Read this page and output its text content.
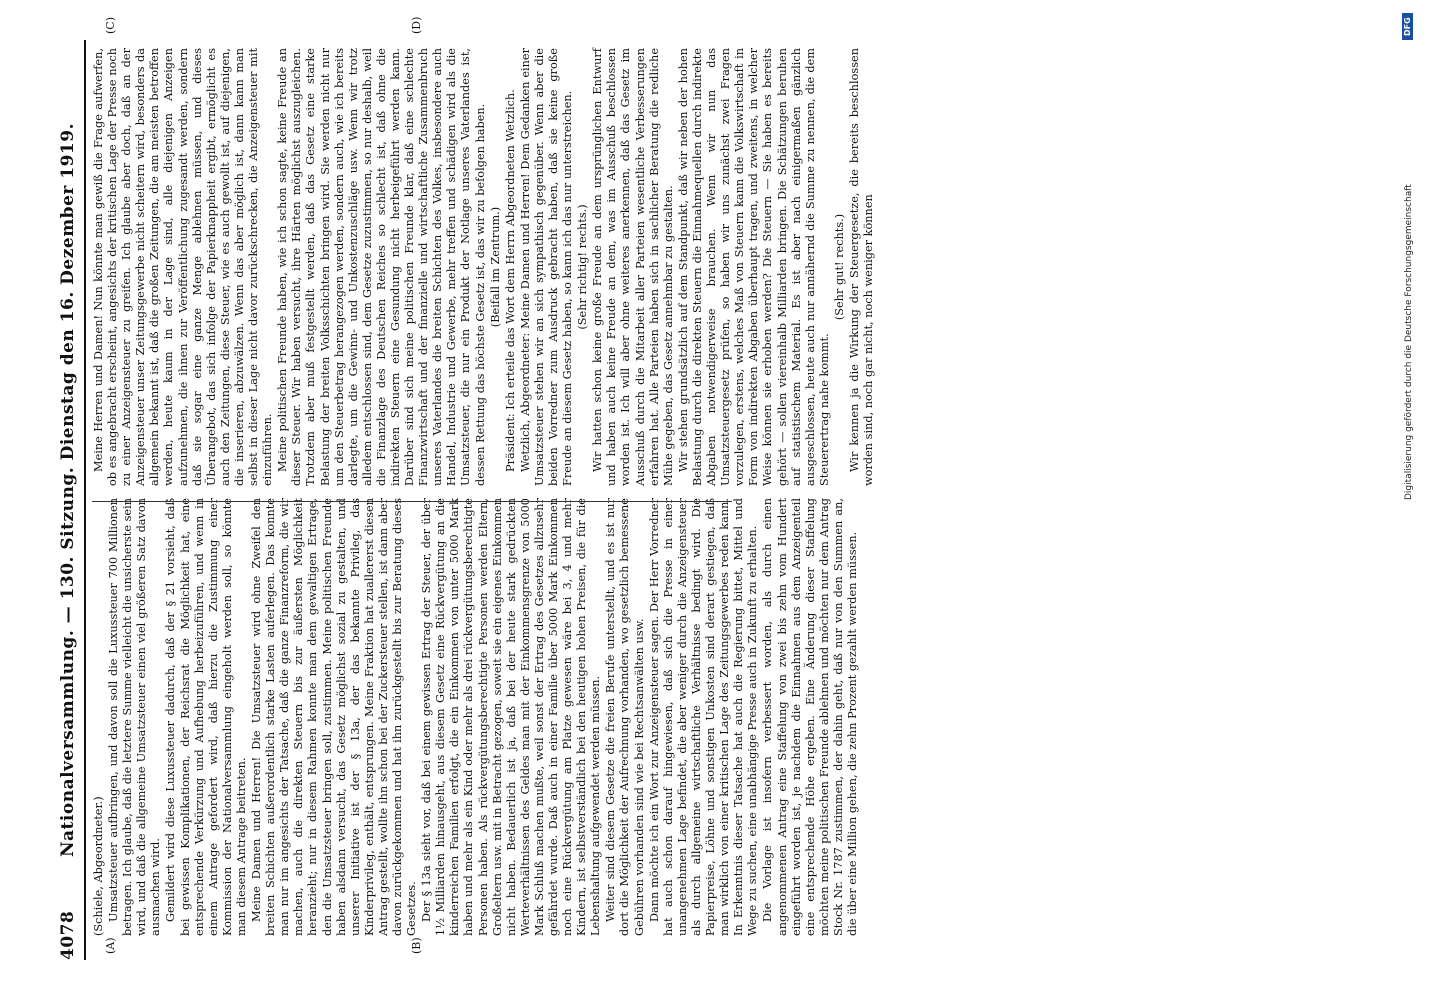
4078
Nationalversammlung. — 130. Sitzung. Dienstag den 16. Dezember 1919.
(A)	(B)
(C)	(D)

(Schiele, Abgeordneter.) Umsatzsteuer aufbringen, und davon soll die Luxussteuer 700 Millionen betragen. Ich glaube, daß die letztere Summe vielleicht die unsicherste sein wird, und daß die allgemeine Umsatzsteuer einen viel größeren Satz davon ausmachen wird. Gemildert wird diese Luxussteuer dadurch, daß der § 21 vorsieht, daß bei gewissen Komplikationen, der Reichsrat die Möglichkeit hat, eine entsprechende Verkürzung und Aufhebung herbeizuführen, und wenn in einem Antrage gefordert wird, daß hierzu die Zustimmung einer Kommission der Nationalversammlung eingeholt werden soll, so könnte man diesem Antrage beitreten. Meine Damen und Herren! Die Umsatzsteuer wird ohne Zweifel den breiten Schichten außerordentlich starke Lasten auferlegen. Das konnte man nur im angesichts der Tatsache, daß die ganze Finanzreform, die wir machen, auch die direkten Steuern bis zur äußersten Möglichkeit heranzieht; nur in diesem Rahmen konnte man dem gewaltigen Ertrage, den die Umsatzsteuer bringen soll, zustimmen. Meine politischen Freunde haben alsdann versucht, das Gesetz möglichst sozial zu gestalten, und unserer Initiative ist der § 13a, der das bekannte Privileg, das Kinderprivileg, enthält, entsprungen. Meine Fraktion hat zuallererst diesen Antrag gestellt, wollte ihn schon bei der Zuckersteuer stellen, ist dann aber davon zurückgekommen und hat ihn zurückgestellt bis zur Beratung dieses Gesetzes. Der § 13a sieht vor, daß bei einem gewissen Ertrag der Steuer, der über 1½ Milliarden hinausgeht, aus diesem Gesetz eine Rückvergütung an die kinderreichen Familien erfolgt, die ein Einkommen von unter 5000 Mark haben und mehr als ein Kind oder mehr als drei rückvergütungsberechtigte Personen haben. Als rückvergütungsberechtigte Personen werden Eltern, Großeltern usw. mit in Betracht gezogen, soweit sie ein eigenes Einkommen nicht haben. Bedauerlich ist ja, daß bei der heute stark gedrückten Werteverhältnissen des Geldes man mit der Einkommensgrenze von 5000 Mark Schluß machen mußte, weil sonst der Ertrag des Gesetzes allzusehr gefährdet wurde. Daß auch in einer Familie über 5000 Mark Einkommen noch eine Rückvergütung am Platze gewesen wäre bei 3, 4 und mehr Kindern, ist selbstverständlich bei den heutigen hohen Preisen, die für die Lebenshaltung aufgewendet werden müssen. Weiter sind diesem Gesetze die freien Berufe unterstellt, und es ist nur dort die Möglichkeit der Aufrechnung vorhanden, wo gesetzlich bemessene Gebühren vorhanden sind wie bei Rechtsanwälten usw. Dann möchte ich ein Wort zur Anzeigensteuer sagen. Der Herr Vorredner hat auch schon darauf hingewiesen, daß sich die Presse in einer unangenehmen Lage befindet, die aber weniger durch die Anzeigensteuer als durch allgemeine wirtschaftliche Verhältnisse bedingt wird. Die Papierpreise, Löhne und sonstigen Unkosten sind derart gestiegen, daß man wirklich von einer kritischen Lage des Zeitungsgewerbes reden kann. In Erkenntnis dieser Tatsache hat auch die Regierung bittet, Mittel und Wege zu suchen, eine unabhängige Presse auch in Zukunft zu erhalten. Die Vorlage ist insofern verbessert worden, als durch einen angenommenen Antrag eine Staffelung von zwei bis zehn vom Hundert eingeführt worden ist, je nachdem die Einnahmen aus dem Anzeigenteil eine entsprechende Höhe ergeben. Eine Änderung dieser Staffelung möchten meine politischen Freunde ablehnen und möchten nur dem Antrag Stock Nr. 1787 zustimmen, der dahin geht, daß nur von den Summen an, die über eine Million gehen, die zehn Prozent gezahlt werden müssen.

Meine Herren und Damen! Nun könnte man gewiß die Frage aufwerfen, ob es angebracht erscheint, angesichts der kritischen Lage der Presse noch zu einer Anzeigensteuer zu greifen. Ich glaube aber doch, daß an der Anzeigensteuer unser Zeitungsgewerbe nicht scheitern wird, besonders da allgemein bekannt ist, daß die großen Zeitungen, die am meisten betroffen werden, heute kaum in der Lage sind, alle diejenigen Anzeigen aufzunehmen, die ihnen zur Veröffentlichung zugesandt werden, sondern daß sie sogar eine ganze Menge ablehnen müssen, und dieses Überangebot, das sich infolge der Papierknappheit ergibt, ermöglicht es auch den Zeitungen, diese Steuer, wie es auch gewollt ist, auf diejenigen, die inserieren, abzuwälzen. Wenn das aber möglich ist, dann kann man selbst in dieser Lage nicht davor zurückschrecken, die Anzeigensteuer mit einzuführen. Meine politischen Freunde haben, wie ich schon sagte, keine Freude an dieser Steuer. Wir haben versucht, ihre Härten möglichst auszugleichen. Trotzdem aber muß festgestellt werden, daß das Gesetz eine starke Belastung der breiten Volksschichten bringen wird. Sie werden nicht nur um den Steuerbetrag herangezogen werden, sondern auch, wie ich bereits darlegte, um die Gewinn- und Unkostenzuschläge usw. Wenn wir trotz alledem entschlossen sind, dem Gesetze zuzustimmen, so nur deshalb, weil die Finanzlage des Deutschen Reiches so schlecht ist, daß ohne die indirekten Steuern eine Gesundung nicht herbeigeführt werden kann. Darüber sind sich meine politischen Freunde klar, daß eine schlechte Finanzwirtschaft und der finanzielle und wirtschaftliche Zusammenbruch unseres Vaterlandes die breiten Schichten des Volkes, insbesondere auch Handel, Industrie und Gewerbe, mehr treffen und schädigen wird als die Umsatzsteuer, die nur ein Produkt der Notlage unseres Vaterlandes ist, dessen Rettung das höchste Gesetz ist, das wir zu befolgen haben. (Beifall im Zentrum.) Präsident: Ich erteile das Wort dem Herrn Abgeordneten Wetzlich. Wetzlich, Abgeordneter: Meine Damen und Herren! Dem Gedanken einer Umsatzsteuer stehen wir an sich sympathisch gegenüber. Wenn aber die beiden Vorredner zum Ausdruck gebracht haben, daß sie keine große Freude an diesem Gesetz haben, so kann ich das nur unterstreichen. (Sehr richtig! rechts.) Wir hatten schon keine große Freude an dem ursprünglichen Entwurf und haben auch keine Freude an dem, was im Ausschuß beschlossen worden ist. Ich will aber ohne weiteres anerkennen, daß das Gesetz im Ausschuß durch die Mitarbeit aller Parteien wesentliche Verbesserungen erfahren hat. Alle Parteien haben sich in sachlicher Beratung die redliche Mühe gegeben, das Gesetz annehmbar zu gestalten. Wir stehen grundsätzlich auf dem Standpunkt, daß wir neben der hohen Belastung durch die direkten Steuern die Einnahmequellen durch indirekte Abgaben notwendigerweise brauchen. Wenn wir nun das Umsatzsteuergesetz prüfen, so haben wir uns zunächst zwei Fragen vorzulegen, erstens, welches Maß von Steuern kann die Volkswirtschaft in Form von indirekten Abgaben überhaupt tragen, und zweitens, in welcher Weise können sie erhoben werden? Die Steuern — Sie haben es bereits gehört — sollen viereinhalb Milliarden bringen. Die Schätzungen beruhen auf statistischem Material. Es ist aber nach einigermaßen gänzlich ausgeschlossen, heute auch nur annähernd die Summe zu nennen, die dem Steuerertrag nahe kommt.

(Sehr gut! rechts.) Wir kennen ja die Wirkung der Steuergesetze, die bereits beschlossen worden sind, noch gar nicht, noch weniger können	Digitalisierung gefördert durch die Deutsche Forschungsgemeinschaft
DFG
